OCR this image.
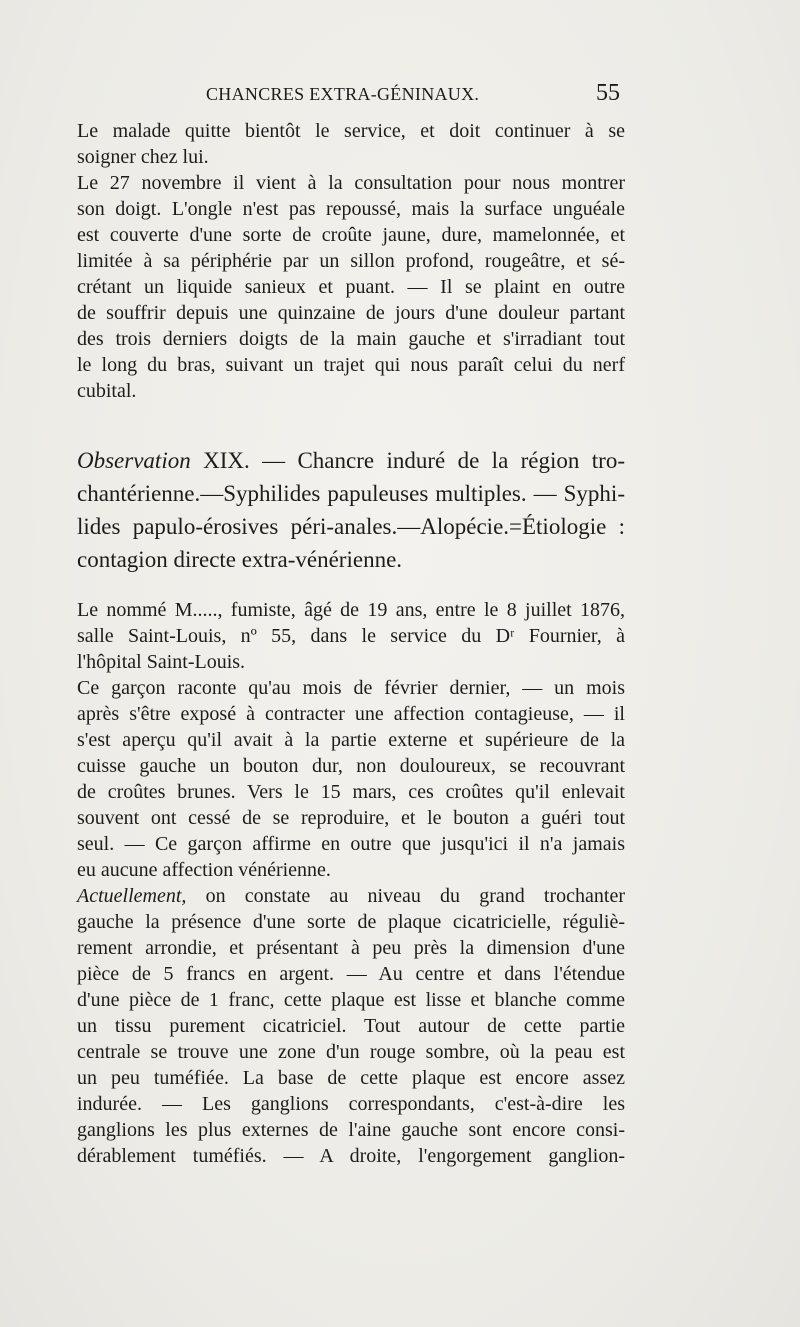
CHANCRES EXTRA-GÉNINAUX.	55
Le malade quitte bientôt le service, et doit continuer à se
soigner chez lui.
Le 27 novembre il vient à la consultation pour nous montrer
son doigt. L'ongle n'est pas repoussé, mais la surface unguéale
est couverte d'une sorte de croûte jaune, dure, mamelonnée, et
limitée à sa périphérie par un sillon profond, rougeâtre, et sé-
crétant un liquide sanieux et puant. — Il se plaint en outre
de souffrir depuis une quinzaine de jours d'une douleur partant
des trois derniers doigts de la main gauche et s'irradiant tout
le long du bras, suivant un trajet qui nous paraît celui du nerf
cubital.
Observation XIX. — Chancre induré de la région tro-
chantérienne.—Syphilides papuleuses multiples. — Syphi-
lides papulo-érosives péri-anales.—Alopécie.=Étiologie :
contagion directe extra-vénérienne.
Le nommé M....., fumiste, âgé de 19 ans, entre le 8 juillet 1876,
salle Saint-Louis, nº 55, dans le service du Dʳ Fournier, à
l'hôpital Saint-Louis.
Ce garçon raconte qu'au mois de février dernier, — un mois
après s'être exposé à contracter une affection contagieuse, — il
s'est aperçu qu'il avait à la partie externe et supérieure de la
cuisse gauche un bouton dur, non douloureux, se recouvrant
de croûtes brunes. Vers le 15 mars, ces croûtes qu'il enlevait
souvent ont cessé de se reproduire, et le bouton a guéri tout
seul. — Ce garçon affirme en outre que jusqu'ici il n'a jamais
eu aucune affection vénérienne.
Actuellement, on constate au niveau du grand trochanter
gauche la présence d'une sorte de plaque cicatricielle, réguliè-
rement arrondie, et présentant à peu près la dimension d'une
pièce de 5 francs en argent. — Au centre et dans l'étendue
d'une pièce de 1 franc, cette plaque est lisse et blanche comme
un tissu purement cicatriciel. Tout autour de cette partie
centrale se trouve une zone d'un rouge sombre, où la peau est
un peu tuméfiée. La base de cette plaque est encore assez
indurée. — Les ganglions correspondants, c'est-à-dire les
ganglions les plus externes de l'aine gauche sont encore consi-
dérablement tuméfiés. — A droite, l'engorgement ganglion-
